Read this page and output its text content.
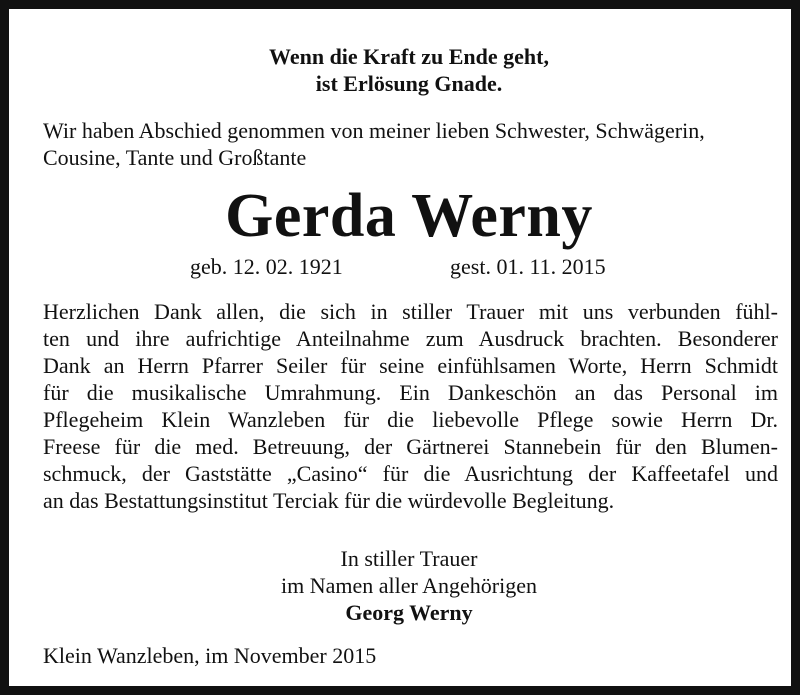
Wenn die Kraft zu Ende geht,
ist Erlösung Gnade.
Wir haben Abschied genommen von meiner lieben Schwester, Schwägerin,
Cousine, Tante und Großtante
Gerda Werny
geb. 12. 02. 1921	gest. 01. 11. 2015
Herzlichen Dank allen, die sich in stiller Trauer mit uns verbunden fühl-
ten und ihre aufrichtige Anteilnahme zum Ausdruck brachten. Besonderer
Dank an Herrn Pfarrer Seiler für seine einfühlsamen Worte, Herrn Schmidt
für die musikalische Umrahmung. Ein Dankeschön an das Personal im
Pflegeheim Klein Wanzleben für die liebevolle Pflege sowie Herrn Dr.
Freese für die med. Betreuung, der Gärtnerei Stannebein für den Blumen-
schmuck, der Gaststätte „Casino“ für die Ausrichtung der Kaffeetafel und
an das Bestattungsinstitut Terciak für die würdevolle Begleitung.
In stiller Trauer
im Namen aller Angehörigen
Georg Werny
Klein Wanzleben, im November 2015
